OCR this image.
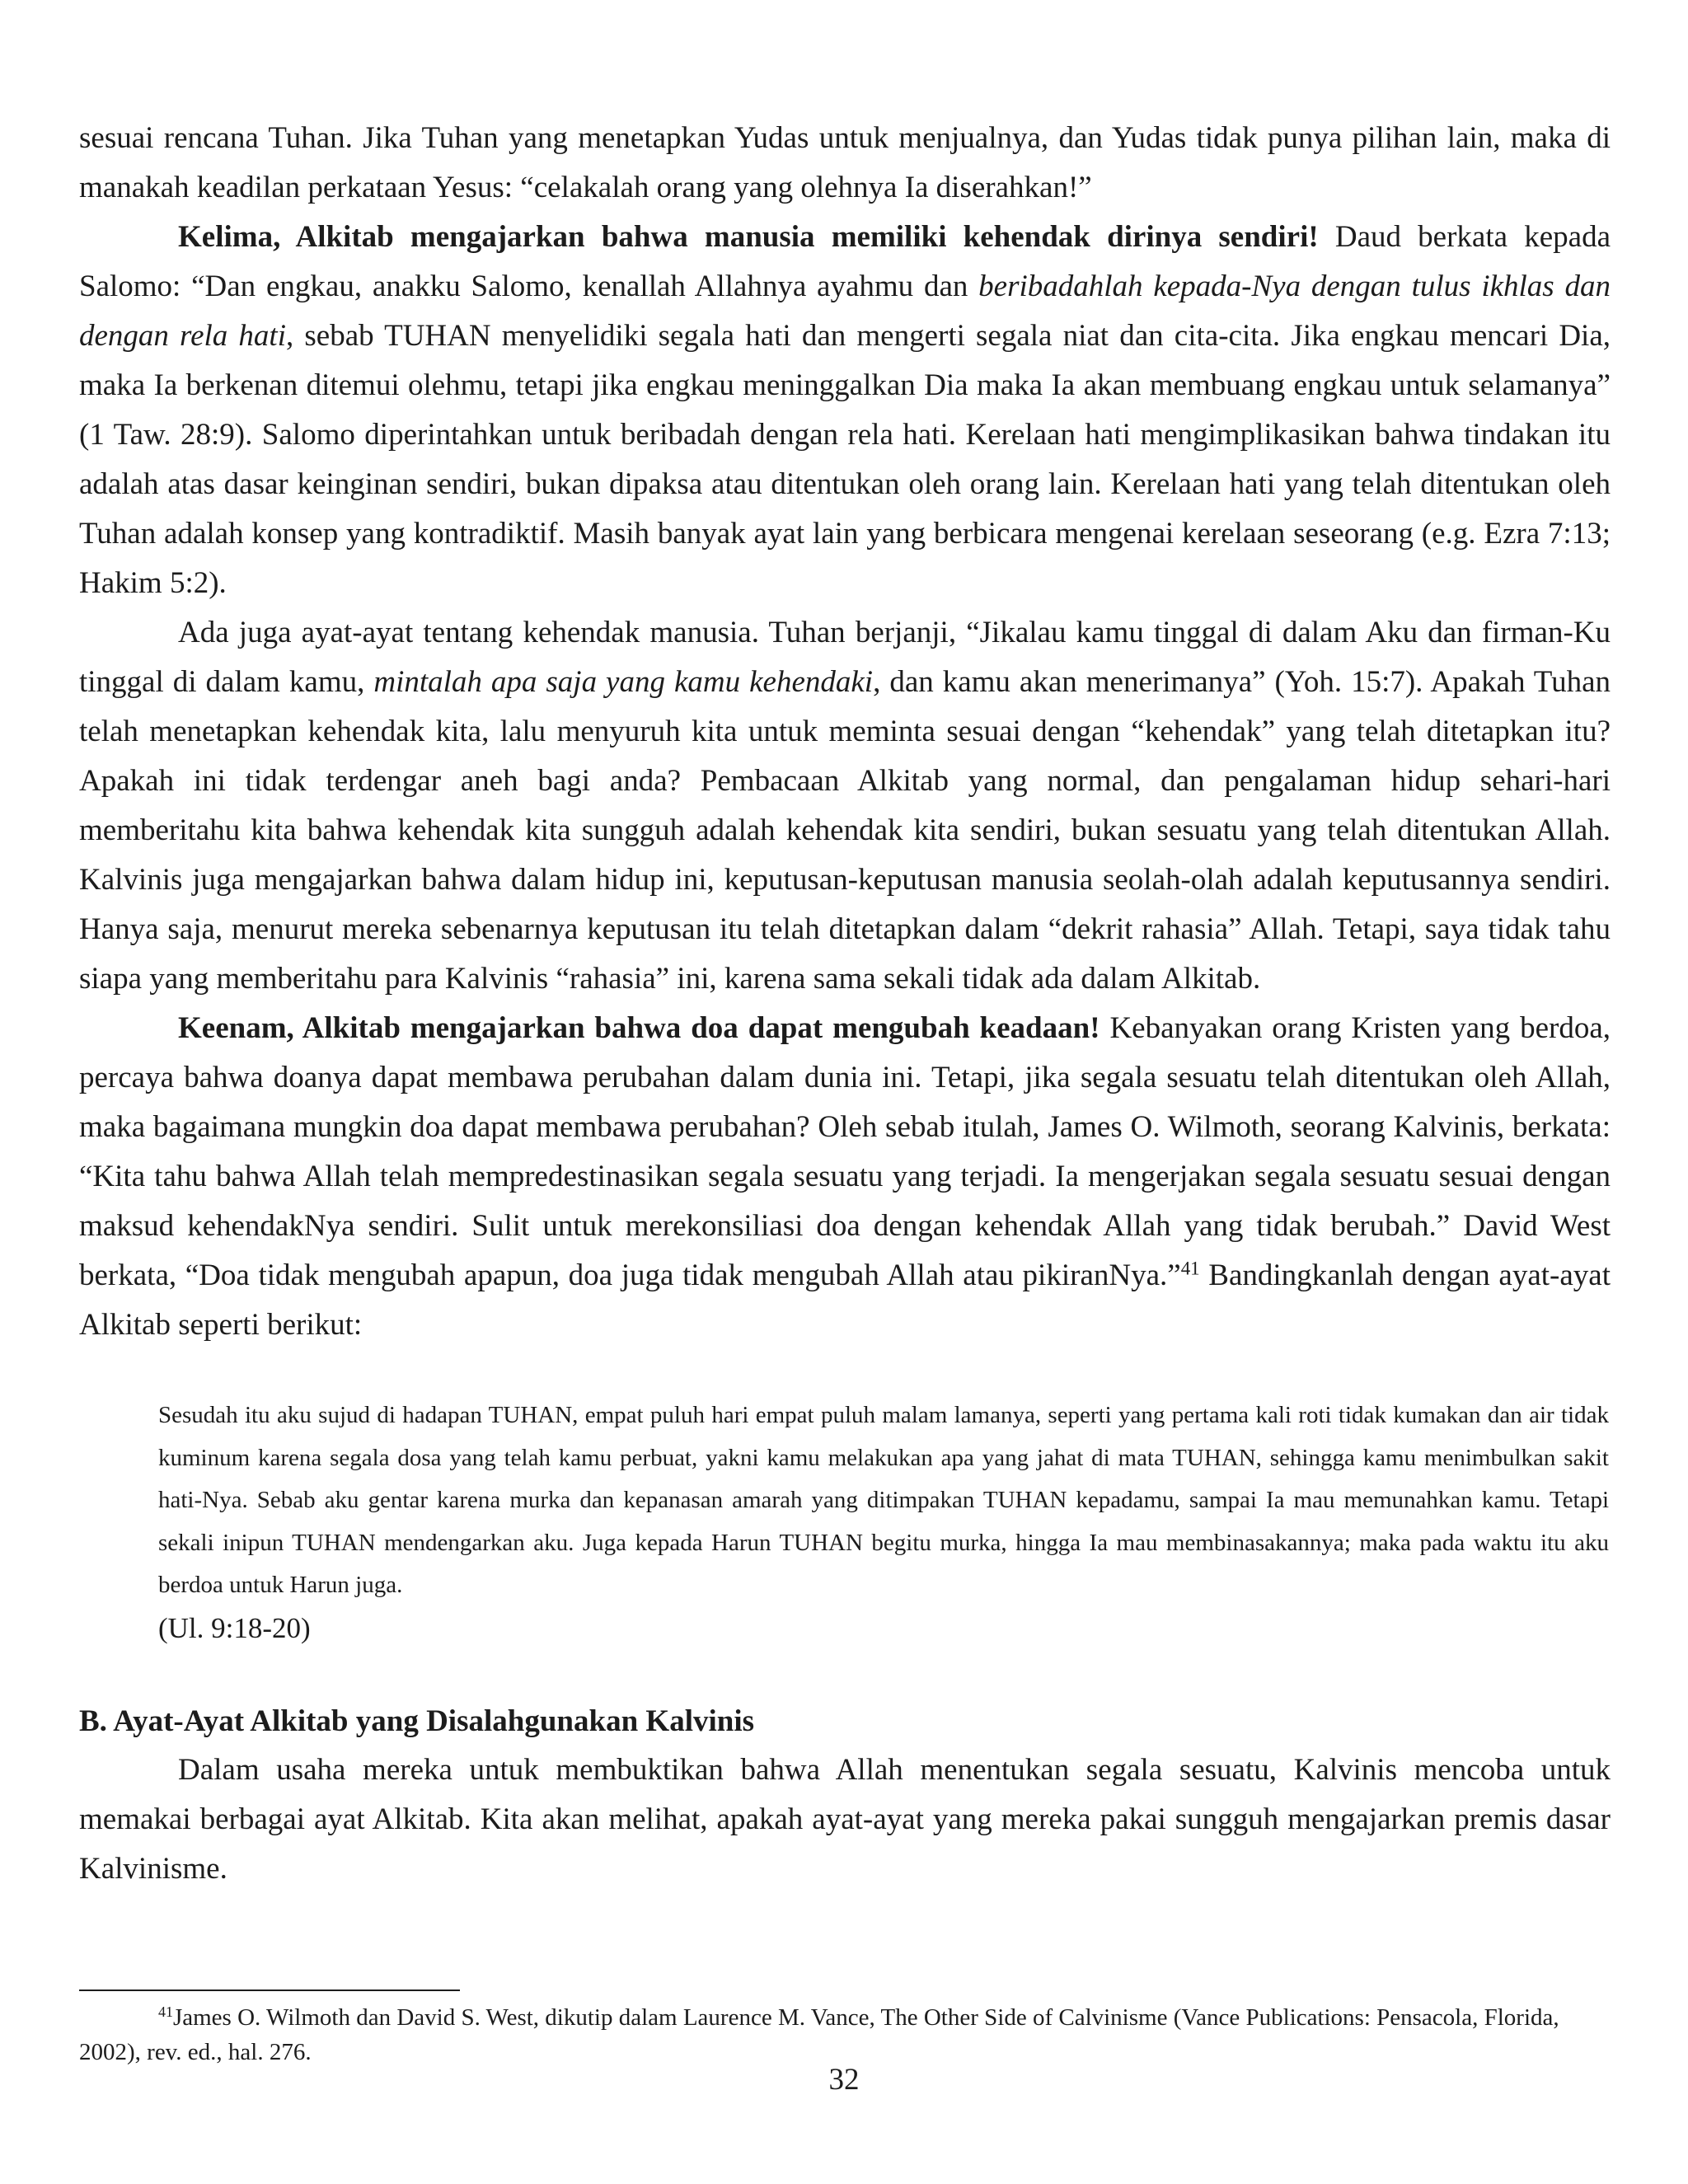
sesuai rencana Tuhan. Jika Tuhan yang menetapkan Yudas untuk menjualnya, dan Yudas tidak punya pilihan lain, maka di manakah keadilan perkataan Yesus: “celakalah orang yang olehnya Ia diserahkan!”

Kelima, Alkitab mengajarkan bahwa manusia memiliki kehendak dirinya sendiri! Daud berkata kepada Salomo: “Dan engkau, anakku Salomo, kenallah Allahnya ayahmu dan beribadahlah kepada-Nya dengan tulus ikhlas dan dengan rela hati, sebab TUHAN menyelidiki segala hati dan mengerti segala niat dan cita-cita. Jika engkau mencari Dia, maka Ia berkenan ditemui olehmu, tetapi jika engkau meninggalkan Dia maka Ia akan membuang engkau untuk selamanya” (1 Taw. 28:9). Salomo diperintahkan untuk beribadah dengan rela hati. Kerelaan hati mengimplikasikan bahwa tindakan itu adalah atas dasar keinginan sendiri, bukan dipaksa atau ditentukan oleh orang lain. Kerelaan hati yang telah ditentukan oleh Tuhan adalah konsep yang kontradiktif. Masih banyak ayat lain yang berbicara mengenai kerelaan seseorang (e.g. Ezra 7:13; Hakim 5:2).

Ada juga ayat-ayat tentang kehendak manusia. Tuhan berjanji, “Jikalau kamu tinggal di dalam Aku dan firman-Ku tinggal di dalam kamu, mintalah apa saja yang kamu kehendaki, dan kamu akan menerimanya” (Yoh. 15:7). Apakah Tuhan telah menetapkan kehendak kita, lalu menyuruh kita untuk meminta sesuai dengan “kehendak” yang telah ditetapkan itu? Apakah ini tidak terdengar aneh bagi anda? Pembacaan Alkitab yang normal, dan pengalaman hidup sehari-hari memberitahu kita bahwa kehendak kita sungguh adalah kehendak kita sendiri, bukan sesuatu yang telah ditentukan Allah. Kalvinis juga mengajarkan bahwa dalam hidup ini, keputusan-keputusan manusia seolah-olah adalah keputusannya sendiri. Hanya saja, menurut mereka sebenarnya keputusan itu telah ditetapkan dalam “dekrit rahasia” Allah. Tetapi, saya tidak tahu siapa yang memberitahu para Kalvinis “rahasia” ini, karena sama sekali tidak ada dalam Alkitab.

Keenam, Alkitab mengajarkan bahwa doa dapat mengubah keadaan! Kebanyakan orang Kristen yang berdoa, percaya bahwa doanya dapat membawa perubahan dalam dunia ini. Tetapi, jika segala sesuatu telah ditentukan oleh Allah, maka bagaimana mungkin doa dapat membawa perubahan? Oleh sebab itulah, James O. Wilmoth, seorang Kalvinis, berkata: “Kita tahu bahwa Allah telah mempredestinasikan segala sesuatu yang terjadi. Ia mengerjakan segala sesuatu sesuai dengan maksud kehendakNya sendiri. Sulit untuk merekonsiliasi doa dengan kehendak Allah yang tidak berubah.” David West berkata, “Doa tidak mengubah apapun, doa juga tidak mengubah Allah atau pikiranNya.”$^{41}$ Bandingkanlah dengan ayat-ayat Alkitab seperti berikut:

Sesudah itu aku sujud di hadapan TUHAN, empat puluh hari empat puluh malam lamanya, seperti yang pertama kali roti tidak kumakan dan air tidak kuminum karena segala dosa yang telah kamu perbuat, yakni kamu melakukan apa yang jahat di mata TUHAN, sehingga kamu menimbulkan sakit hati-Nya. Sebab aku gentar karena murka dan kepanasan amarah yang ditimpakan TUHAN kepadamu, sampai Ia mau memunahkan kamu. Tetapi sekali inipun TUHAN mendengarkan aku. Juga kepada Harun TUHAN begitu murka, hingga Ia mau membinasakannya; maka pada waktu itu aku berdoa untuk Harun juga.

(Ul. 9:18-20)

B. Ayat-Ayat Alkitab yang Disalahgunakan Kalvinis

Dalam usaha mereka untuk membuktikan bahwa Allah menentukan segala sesuatu, Kalvinis mencoba untuk memakai berbagai ayat Alkitab. Kita akan melihat, apakah ayat-ayat yang mereka pakai sungguh mengajarkan premis dasar Kalvinisme.

$^{41}$James O. Wilmoth dan David S. West, dikutip dalam Laurence M. Vance, The Other Side of Calvinisme (Vance Publications: Pensacola, Florida, 2002), rev. ed., hal. 276.

32
